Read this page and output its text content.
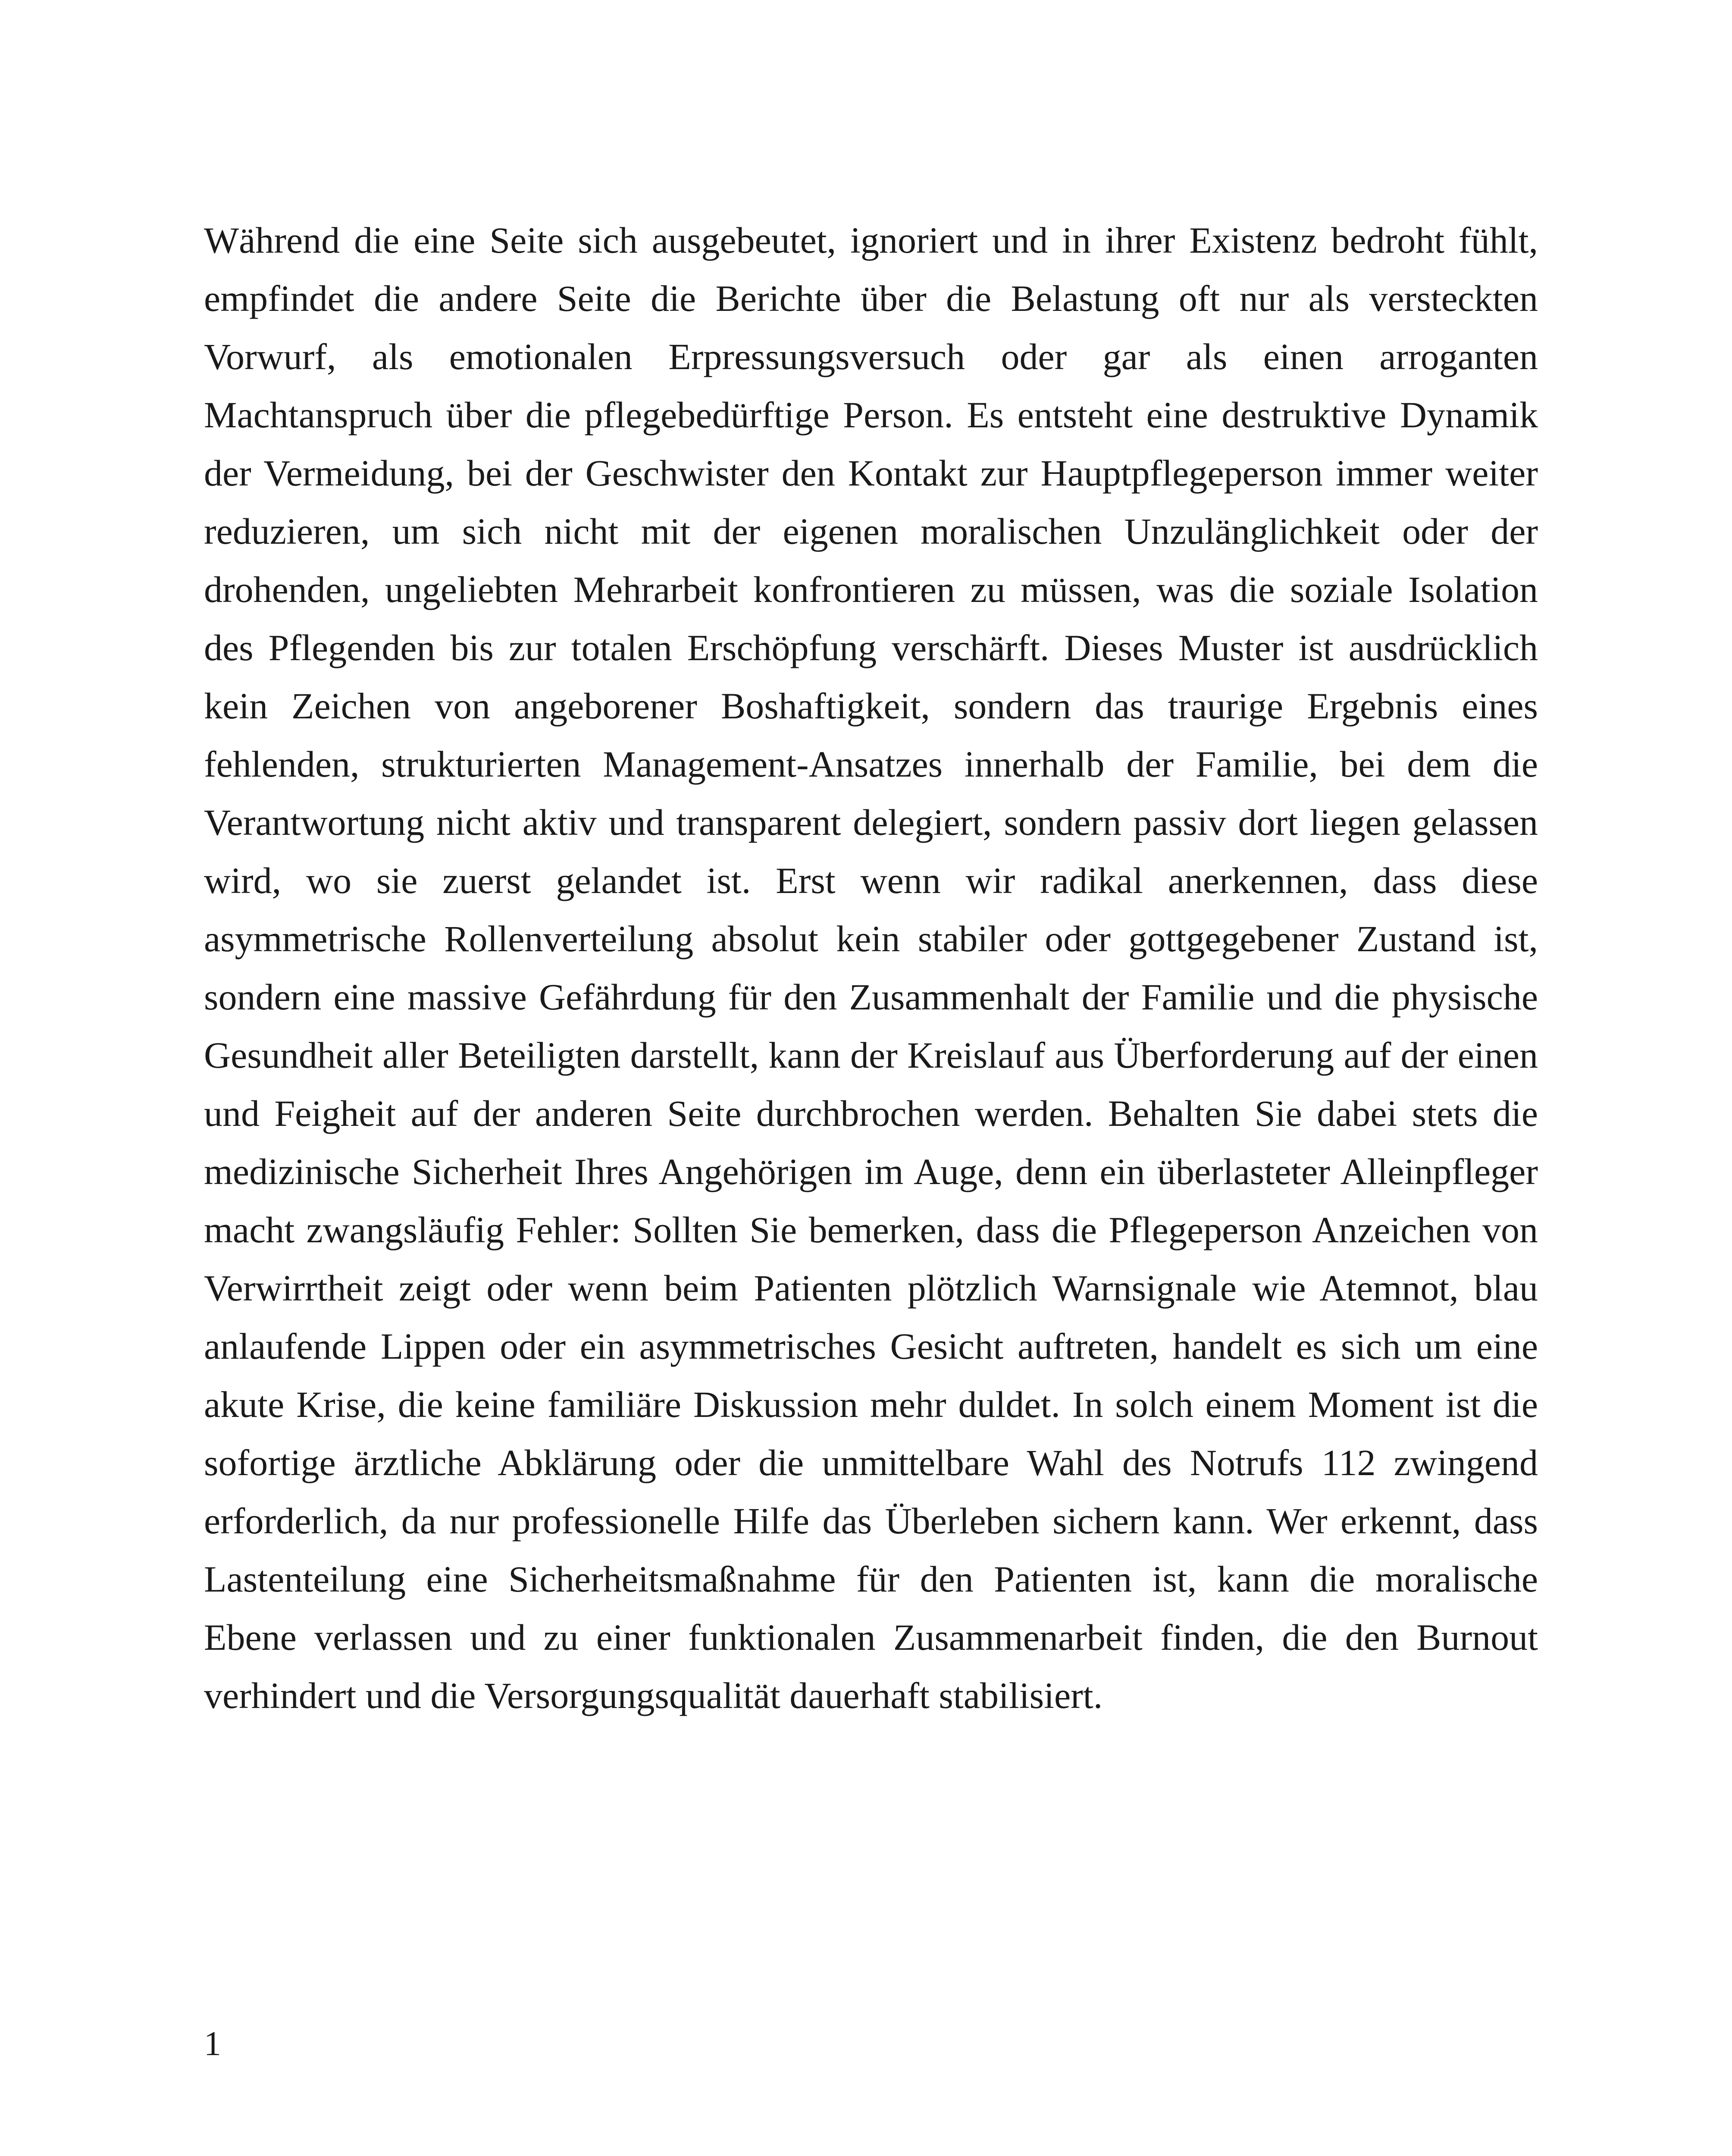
Während die eine Seite sich ausgebeutet, ignoriert und in ihrer Existenz bedroht fühlt, empfindet die andere Seite die Berichte über die Belastung oft nur als versteckten Vorwurf, als emotionalen Erpressungsversuch oder gar als einen arroganten Machtanspruch über die pflegebedürftige Person. Es entsteht eine destruktive Dynamik der Vermeidung, bei der Geschwister den Kontakt zur Hauptpflegeperson immer weiter reduzieren, um sich nicht mit der eigenen moralischen Unzulänglichkeit oder der drohenden, ungeliebten Mehrarbeit konfrontieren zu müssen, was die soziale Isolation des Pflegenden bis zur totalen Erschöpfung verschärft. Dieses Muster ist ausdrücklich kein Zeichen von angeborener Boshaftigkeit, sondern das traurige Ergebnis eines fehlenden, strukturierten Management-Ansatzes innerhalb der Familie, bei dem die Verantwortung nicht aktiv und transparent delegiert, sondern passiv dort liegen gelassen wird, wo sie zuerst gelandet ist. Erst wenn wir radikal anerkennen, dass diese asymmetrische Rollenverteilung absolut kein stabiler oder gottgegebener Zustand ist, sondern eine massive Gefährdung für den Zusammenhalt der Familie und die physische Gesundheit aller Beteiligten darstellt, kann der Kreislauf aus Überforderung auf der einen und Feigheit auf der anderen Seite durchbrochen werden. Behalten Sie dabei stets die medizinische Sicherheit Ihres Angehörigen im Auge, denn ein überlasteter Alleinpfleger macht zwangsläufig Fehler: Sollten Sie bemerken, dass die Pflegeperson Anzeichen von Verwirrtheit zeigt oder wenn beim Patienten plötzlich Warnsignale wie Atemnot, blau anlaufende Lippen oder ein asymmetrisches Gesicht auftreten, handelt es sich um eine akute Krise, die keine familiäre Diskussion mehr duldet. In solch einem Moment ist die sofortige ärztliche Abklärung oder die unmittelbare Wahl des Notrufs 112 zwingend erforderlich, da nur professionelle Hilfe das Überleben sichern kann. Wer erkennt, dass Lastenteilung eine Sicherheitsmaßnahme für den Patienten ist, kann die moralische Ebene verlassen und zu einer funktionalen Zusammenarbeit finden, die den Burnout verhindert und die Versorgungsqualität dauerhaft stabilisiert.

1
